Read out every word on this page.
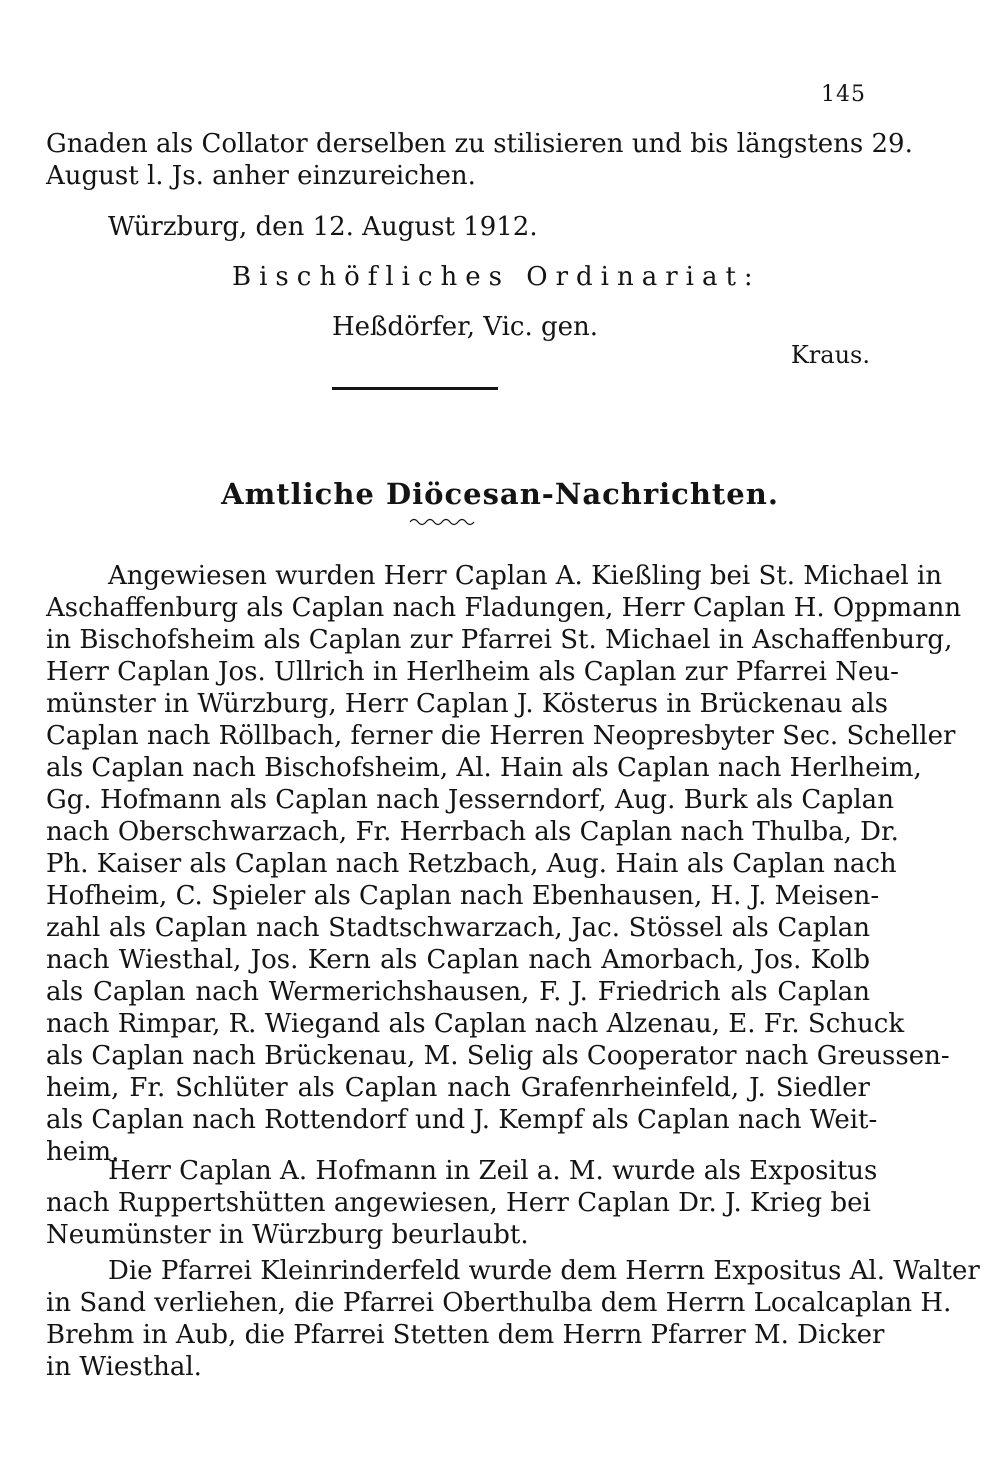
145
Gnaden als Collator derselben zu stilisieren und bis längstens 29.
August l. Js. anher einzureichen.
Würzburg, den 12. August 1912.
Bischöfliches Ordinariat:
Heßdörfer, Vic. gen.
Kraus.
Amtliche Diöcesan-Nachrichten.
Angewiesen wurden Herr Caplan A. Kießling bei St. Michael in
Aschaffenburg als Caplan nach Fladungen, Herr Caplan H. Oppmann
in Bischofsheim als Caplan zur Pfarrei St. Michael in Aschaffenburg,
Herr Caplan Jos. Ullrich in Herlheim als Caplan zur Pfarrei Neu-
münster in Würzburg, Herr Caplan J. Kösterus in Brückenau als
Caplan nach Röllbach, ferner die Herren Neopresbyter Sec. Scheller
als Caplan nach Bischofsheim, Al. Hain als Caplan nach Herlheim,
Gg. Hofmann als Caplan nach Jesserndorf, Aug. Burk als Caplan
nach Oberschwarzach, Fr. Herrbach als Caplan nach Thulba, Dr.
Ph. Kaiser als Caplan nach Retzbach, Aug. Hain als Caplan nach
Hofheim, C. Spieler als Caplan nach Ebenhausen, H. J. Meisen-
zahl als Caplan nach Stadtschwarzach, Jac. Stössel als Caplan
nach Wiesthal, Jos. Kern als Caplan nach Amorbach, Jos. Kolb
als Caplan nach Wermerichshausen, F. J. Friedrich als Caplan
nach Rimpar, R. Wiegand als Caplan nach Alzenau, E. Fr. Schuck
als Caplan nach Brückenau, M. Selig als Cooperator nach Greussen-
heim, Fr. Schlüter als Caplan nach Grafenrheinfeld, J. Siedler
als Caplan nach Rottendorf und J. Kempf als Caplan nach Weit-
heim.
Herr Caplan A. Hofmann in Zeil a. M. wurde als Expositus
nach Ruppertshütten angewiesen, Herr Caplan Dr. J. Krieg bei
Neumünster in Würzburg beurlaubt.
Die Pfarrei Kleinrinderfeld wurde dem Herrn Expositus Al. Walter
in Sand verliehen, die Pfarrei Oberthulba dem Herrn Localcaplan H.
Brehm in Aub, die Pfarrei Stetten dem Herrn Pfarrer M. Dicker
in Wiesthal.
